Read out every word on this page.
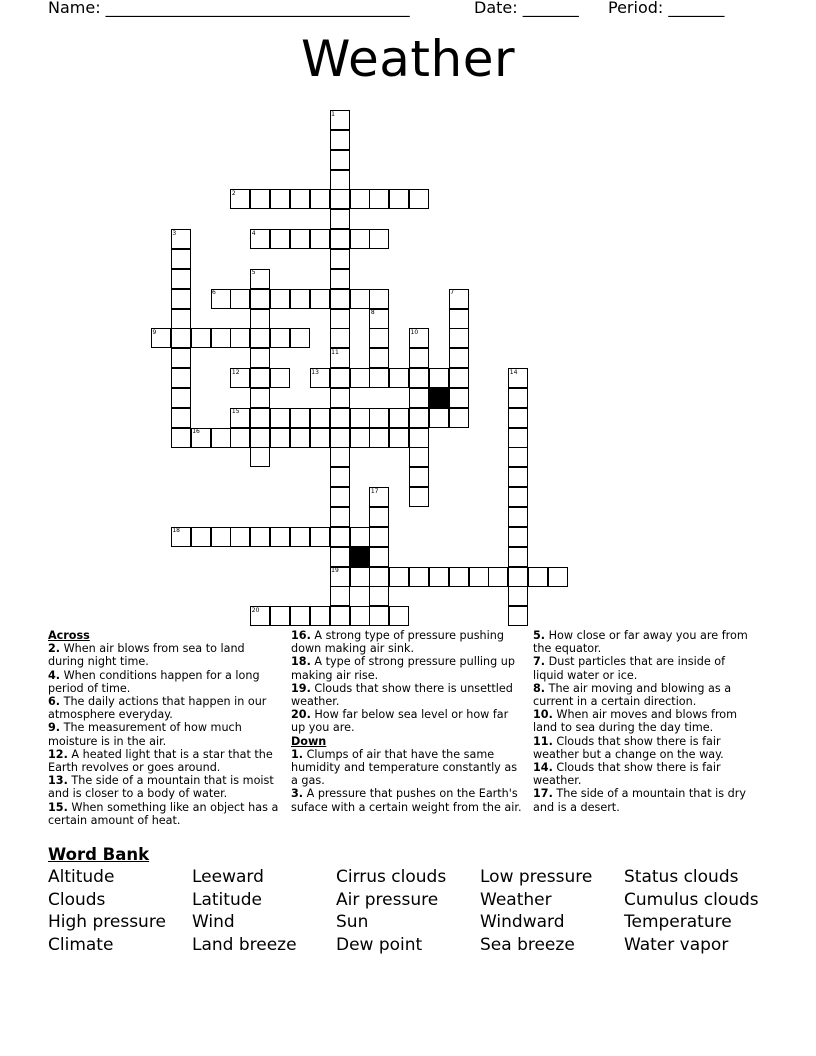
Name: ______________________________________	Date: _______ Period: _______
Weather
1
2
3	4
5
6	7
8
9	10
11
12	13	14
15
16
17
18
19
20

Across

2. When air blows from sea to land during night time.

4. When conditions happen for a long period of time.

6. The daily actions that happen in our atmosphere everyday.

9. The measurement of how much moisture is in the air.

12. A heated light that is a star that the Earth revolves or goes around.

13. The side of a mountain that is moist and is closer to a body of water.

15. When something like an object has a certain amount of heat.

16. A strong type of pressure pushing down making air sink.

18. A type of strong pressure pulling up making air rise.

19. Clouds that show there is unsettled weather.

20. How far below sea level or how far up you are.

Down

1. Clumps of air that have the same humidity and temperature constantly as a gas.

3. A pressure that pushes on the Earth's suface with a certain weight from the air.

5. How close or far away you are from the equator.

7. Dust particles that are inside of liquid water or ice.

8. The air moving and blowing as a current in a certain direction.

10. When air moves and blows from land to sea during the day time.

11. Clouds that show there is fair weather but a change on the way.

14. Clouds that show there is fair weather.

17. The side of a mountain that is dry and is a desert.

Word Bank
Altitude
Clouds
High pressure
Climate
Leeward
Latitude
Wind
Land breeze
Cirrus clouds
Air pressure
Sun
Dew point
Low pressure
Weather
Windward
Sea breeze
Status clouds
Cumulus clouds
Temperature
Water vapor
